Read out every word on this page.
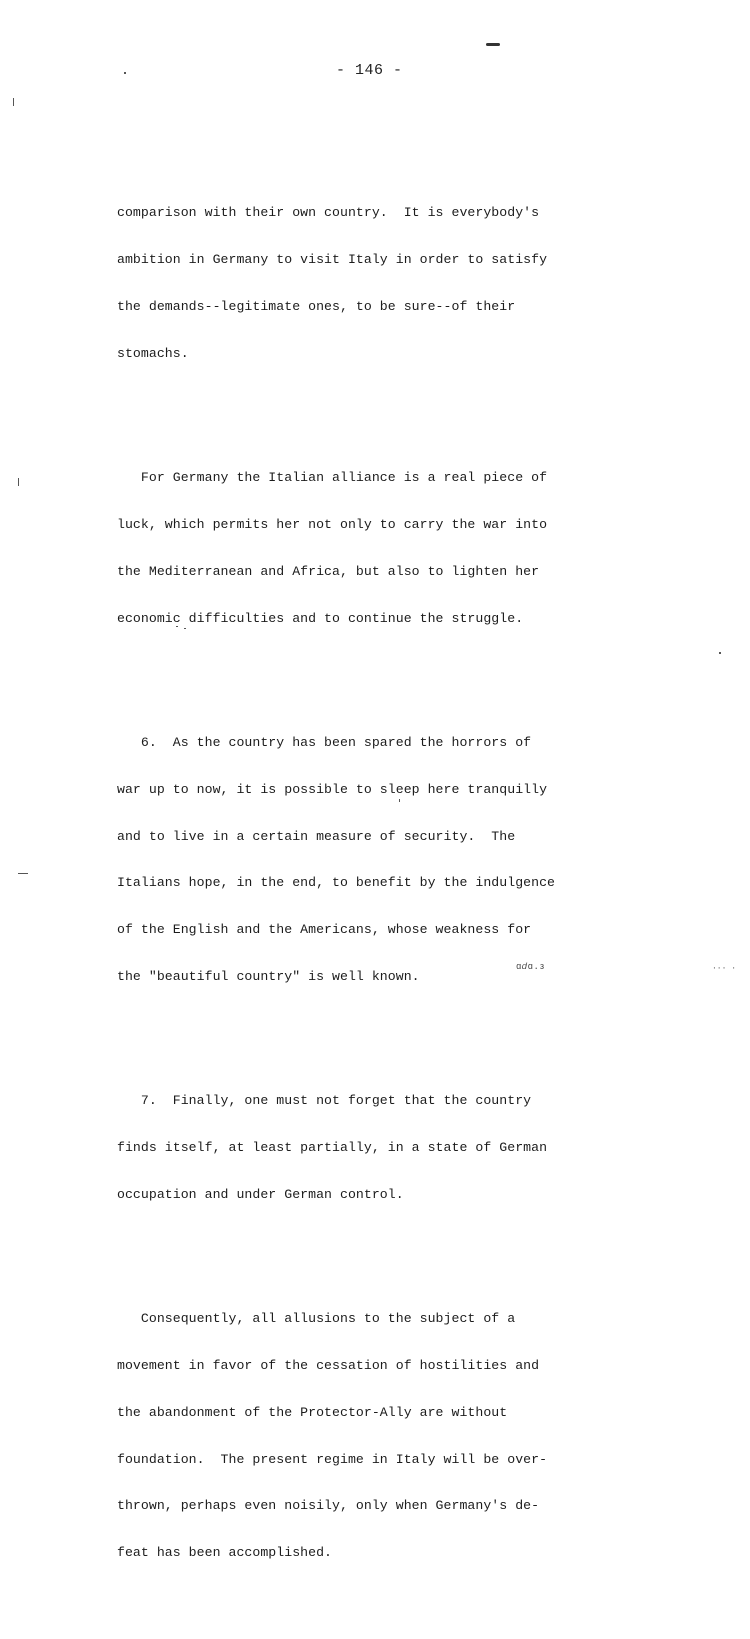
- 146 -

comparison with their own country.  It is everybody's

ambition in Germany to visit Italy in order to satisfy

the demands--legitimate ones, to be sure--of their

stomachs.

For Germany the Italian alliance is a real piece of

luck, which permits her not only to carry the war into

the Mediterranean and Africa, but also to lighten her

economic difficulties and to continue the struggle.

6.  As the country has been spared the horrors of

war up to now, it is possible to sleep here tranquilly

and to live in a certain measure of security.  The

Italians hope, in the end, to benefit by the indulgence

of the English and the Americans, whose weakness for

the "beautiful country" is well known.

7.  Finally, one must not forget that the country

finds itself, at least partially, in a state of German

occupation and under German control.

Consequently, all allusions to the subject of a

movement in favor of the cessation of hostilities and

the abandonment of the Protector-Ally are without

foundation.  The present regime in Italy will be over-

thrown, perhaps even noisily, only when Germany's de-

feat has been accomplished.

ɑ𝑑ɑ.ᴈ	··· ·
